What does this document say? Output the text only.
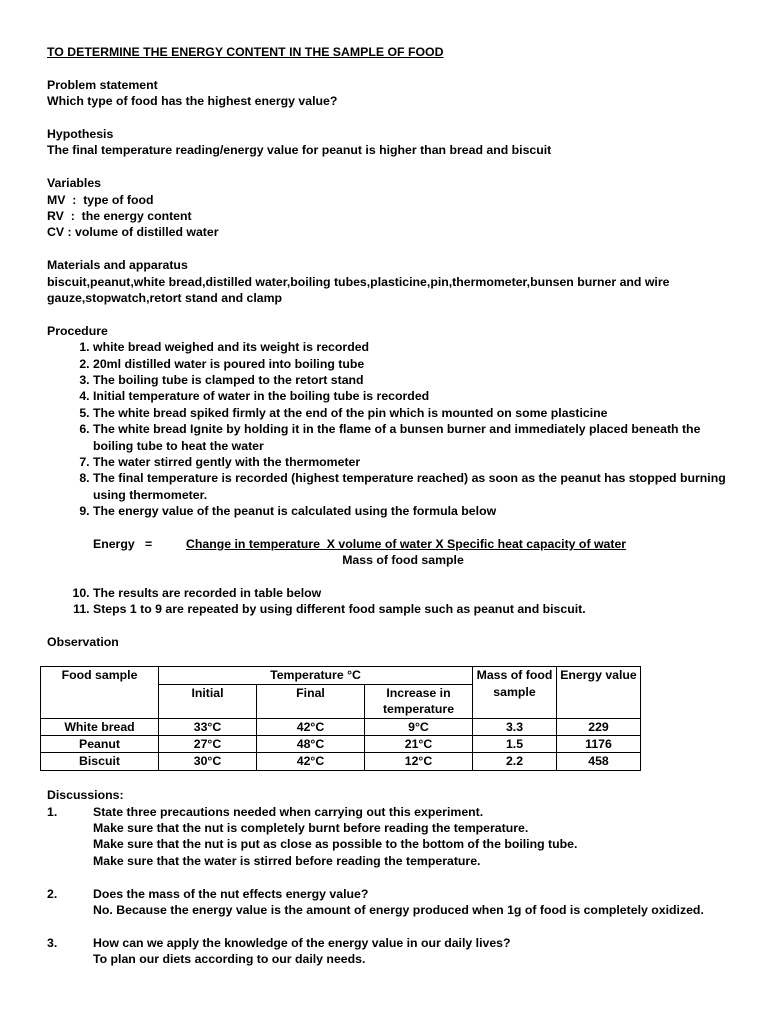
TO DETERMINE THE ENERGY CONTENT IN THE SAMPLE OF FOOD
Problem statement
Which type of food has the highest energy value?
Hypothesis
The final temperature reading/energy value for peanut is higher than bread and biscuit
Variables
MV  :  type of food
RV  :  the energy content
CV : volume of distilled water
Materials and apparatus
biscuit,peanut,white bread,distilled water,boiling tubes,plasticine,pin,thermometer,bunsen burner and wire
gauze,stopwatch,retort stand and clamp
Procedure
1. white bread weighed and its weight is recorded
2. 20ml distilled water is poured into boiling tube
3. The boiling tube is clamped to the retort stand
4. Initial temperature of water in the boiling tube is recorded
5. The white bread spiked firmly at the end of the pin which is mounted on some plasticine
6. The white bread Ignite by holding it in the flame of a bunsen burner and immediately placed beneath the boiling tube to heat the water
7. The water stirred gently with the thermometer
8. The final temperature is recorded (highest temperature reached) as soon as the peanut has stopped burning using thermometer.
9. The energy value of the peanut is calculated using the formula below
Energy   =	Change in temperature  X volume of water X Specific heat capacity of water
Mass of food sample
10. The results are recorded in table below
11. Steps 1 to 9 are repeated by using different food sample such as peanut and biscuit.
Observation
Food sample	Temperature °C			Mass of food sample	Energy value
	Initial	Final	Increase in temperature		
White bread	33°C	42°C	9°C	3.3	229
Peanut	27°C	48°C	21°C	1.5	1176
Biscuit	30°C	42°C	12°C	2.2	458
Discussions:
1.	State three precautions needed when carrying out this experiment.
Make sure that the nut is completely burnt before reading the temperature.
Make sure that the nut is put as close as possible to the bottom of the boiling tube.
Make sure that the water is stirred before reading the temperature.
2.	Does the mass of the nut effects energy value?
No. Because the energy value is the amount of energy produced when 1g of food is completely oxidized.
3.	How can we apply the knowledge of the energy value in our daily lives?
To plan our diets according to our daily needs.
